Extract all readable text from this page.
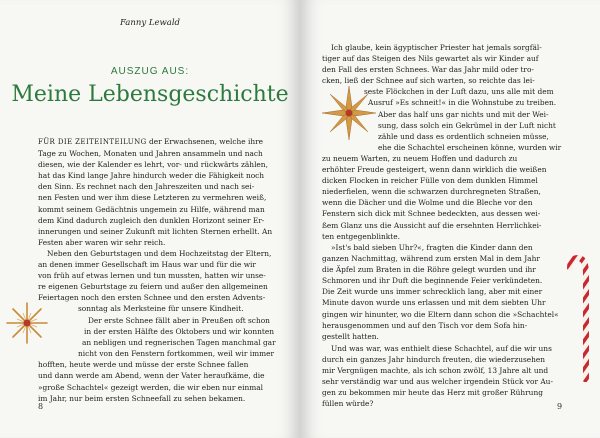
Fanny Lewald
AUSZUG AUS:
Meine Lebensgeschichte
FÜR DIE ZEITEINTEILUNG der Erwachsenen, welche ihre
Tage zu Wochen, Monaten und Jahren ansammeln und nach
diesen, wie der Kalender es lehrt, vor- und rückwärts zählen,
hat das Kind lange Jahre hindurch weder die Fähigkeit noch
den Sinn. Es rechnet nach den Jahreszeiten und nach sei-
nen Festen und wer ihm diese Letzteren zu vermehren weiß,
kommt seinem Gedächtnis ungemein zu Hilfe, während man
dem Kind dadurch zugleich den dunklen Horizont seiner Er-
innerungen und seiner Zukunft mit lichten Sternen erhellt. An
Festen aber waren wir sehr reich.
Neben den Geburtstagen und dem Hochzeitstag der Eltern,
an denen immer Gesellschaft im Haus war und für die wir
von früh auf etwas lernen und tun mussten, hatten wir unse-
re eigenen Geburtstage zu feiern und außer den allgemeinen
Feiertagen noch den ersten Schnee und den ersten Advents-
sonntag als Merksteine für unsere Kindheit.
Der erste Schnee fällt aber in Preußen oft schon
in der ersten Hälfte des Oktobers und wir konnten
an nebligen und regnerischen Tagen manchmal gar
nicht von den Fenstern fortkommen, weil wir immer
hofften, heute werde und müsse der erste Schnee fallen
und dann werde am Abend, wenn der Vater heraufkäme, die
»große Schachtel« gezeigt werden, die wir eben nur einmal
im Jahr, nur beim ersten Schneefall zu sehen bekamen.
8
Ich glaube, kein ägyptischer Priester hat jemals sorgfäl-
tiger auf das Steigen des Nils gewartet als wir Kinder auf
den Fall des ersten Schnees. War das Jahr mild oder tro-
cken, ließ der Schnee auf sich warten, so reichte das lei-
seste Flöckchen in der Luft dazu, uns alle mit dem
Ausruf »Es schneit!« in die Wohnstube zu treiben.
Aber das half uns gar nichts und mit der Wei-
sung, dass solch ein Gekrümel in der Luft nicht
zähle und dass es ordentlich schneien müsse,
ehe die Schachtel erscheinen könne, wurden wir
zu neuem Warten, zu neuem Hoffen und dadurch zu
erhöhter Freude gesteigert, wenn dann wirklich die weißen
dicken Flocken in reicher Fülle von dem dunklen Himmel
niederfielen, wenn die schwarzen durchregneten Straßen,
wenn die Dächer und die Wolme und die Bleche vor den
Fenstern sich dick mit Schnee bedeckten, aus dessen wei-
ßem Glanz uns die Aussicht auf die ersehnten Herrlichkei-
ten entgegenblinkte.
»Ist's bald sieben Uhr?«, fragten die Kinder dann den
ganzen Nachmittag, während zum ersten Mal in dem Jahr
die Äpfel zum Braten in die Röhre gelegt wurden und ihr
Schmoren und ihr Duft die beginnende Feier verkündeten.
Die Zeit wurde uns immer schrecklich lang, aber mit einer
Minute davon wurde uns erlassen und mit dem siebten Uhr
gingen wir hinunter, wo die Eltern dann schon die »Schachtel«
herausgenommen und auf den Tisch vor dem Sofa hin-
gestellt hatten.
Und was war, was enthielt diese Schachtel, auf die wir uns
durch ein ganzes Jahr hindurch freuten, die wiederzusehen
mir Vergnügen machte, als ich schon zwölf, 13 Jahre alt und
sehr verständig war und aus welcher irgendein Stück vor Au-
gen zu bekommen mir heute das Herz mit großer Rührung
füllen würde?	9
